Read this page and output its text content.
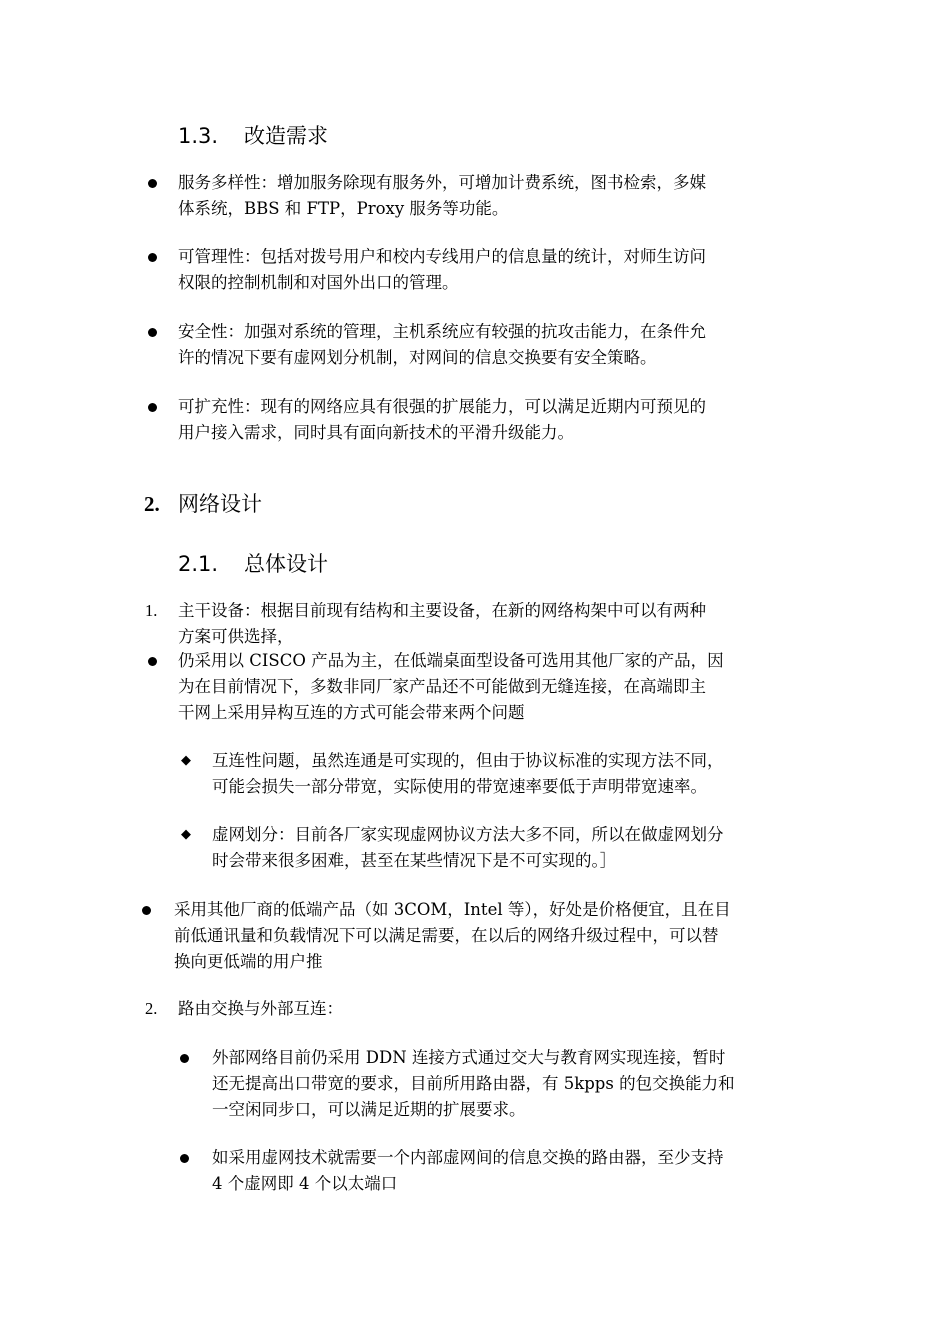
1.3. 改造需求
服务多样性：增加服务除现有服务外，可增加计费系统，图书检索，多媒
体系统，BBS 和 FTP，Proxy 服务等功能。
可管理性：包括对拨号用户和校内专线用户的信息量的统计，对师生访问
权限的控制机制和对国外出口的管理。
安全性：加强对系统的管理，主机系统应有较强的抗攻击能力，在条件允
许的情况下要有虚网划分机制，对网间的信息交换要有安全策略。
可扩充性：现有的网络应具有很强的扩展能力，可以满足近期内可预见的
用户接入需求，同时具有面向新技术的平滑升级能力。
2. 网络设计
2.1. 总体设计
1. 主干设备：根据目前现有结构和主要设备，在新的网络构架中可以有两种
方案可供选择，
仍采用以 CISCO 产品为主，在低端桌面型设备可选用其他厂家的产品，因
为在目前情况下，多数非同厂家产品还不可能做到无缝连接，在高端即主
干网上采用异构互连的方式可能会带来两个问题
◆ 互连性问题，虽然连通是可实现的，但由于协议标准的实现方法不同，
可能会损失一部分带宽，实际使用的带宽速率要低于声明带宽速率。
◆ 虚网划分：目前各厂家实现虚网协议方法大多不同，所以在做虚网划分
时会带来很多困难，甚至在某些情况下是不可实现的。］
采用其他厂商的低端产品（如 3COM，Intel 等），好处是价格便宜，且在目
前低通讯量和负载情况下可以满足需要，在以后的网络升级过程中，可以替
换向更低端的用户推
2. 路由交换与外部互连：
外部网络目前仍采用 DDN 连接方式通过交大与教育网实现连接，暂时
还无提高出口带宽的要求，目前所用路由器，有 5kpps 的包交换能力和
一空闲同步口，可以满足近期的扩展要求。
如采用虚网技术就需要一个内部虚网间的信息交换的路由器，至少支持
4 个虚网即 4 个以太端口
